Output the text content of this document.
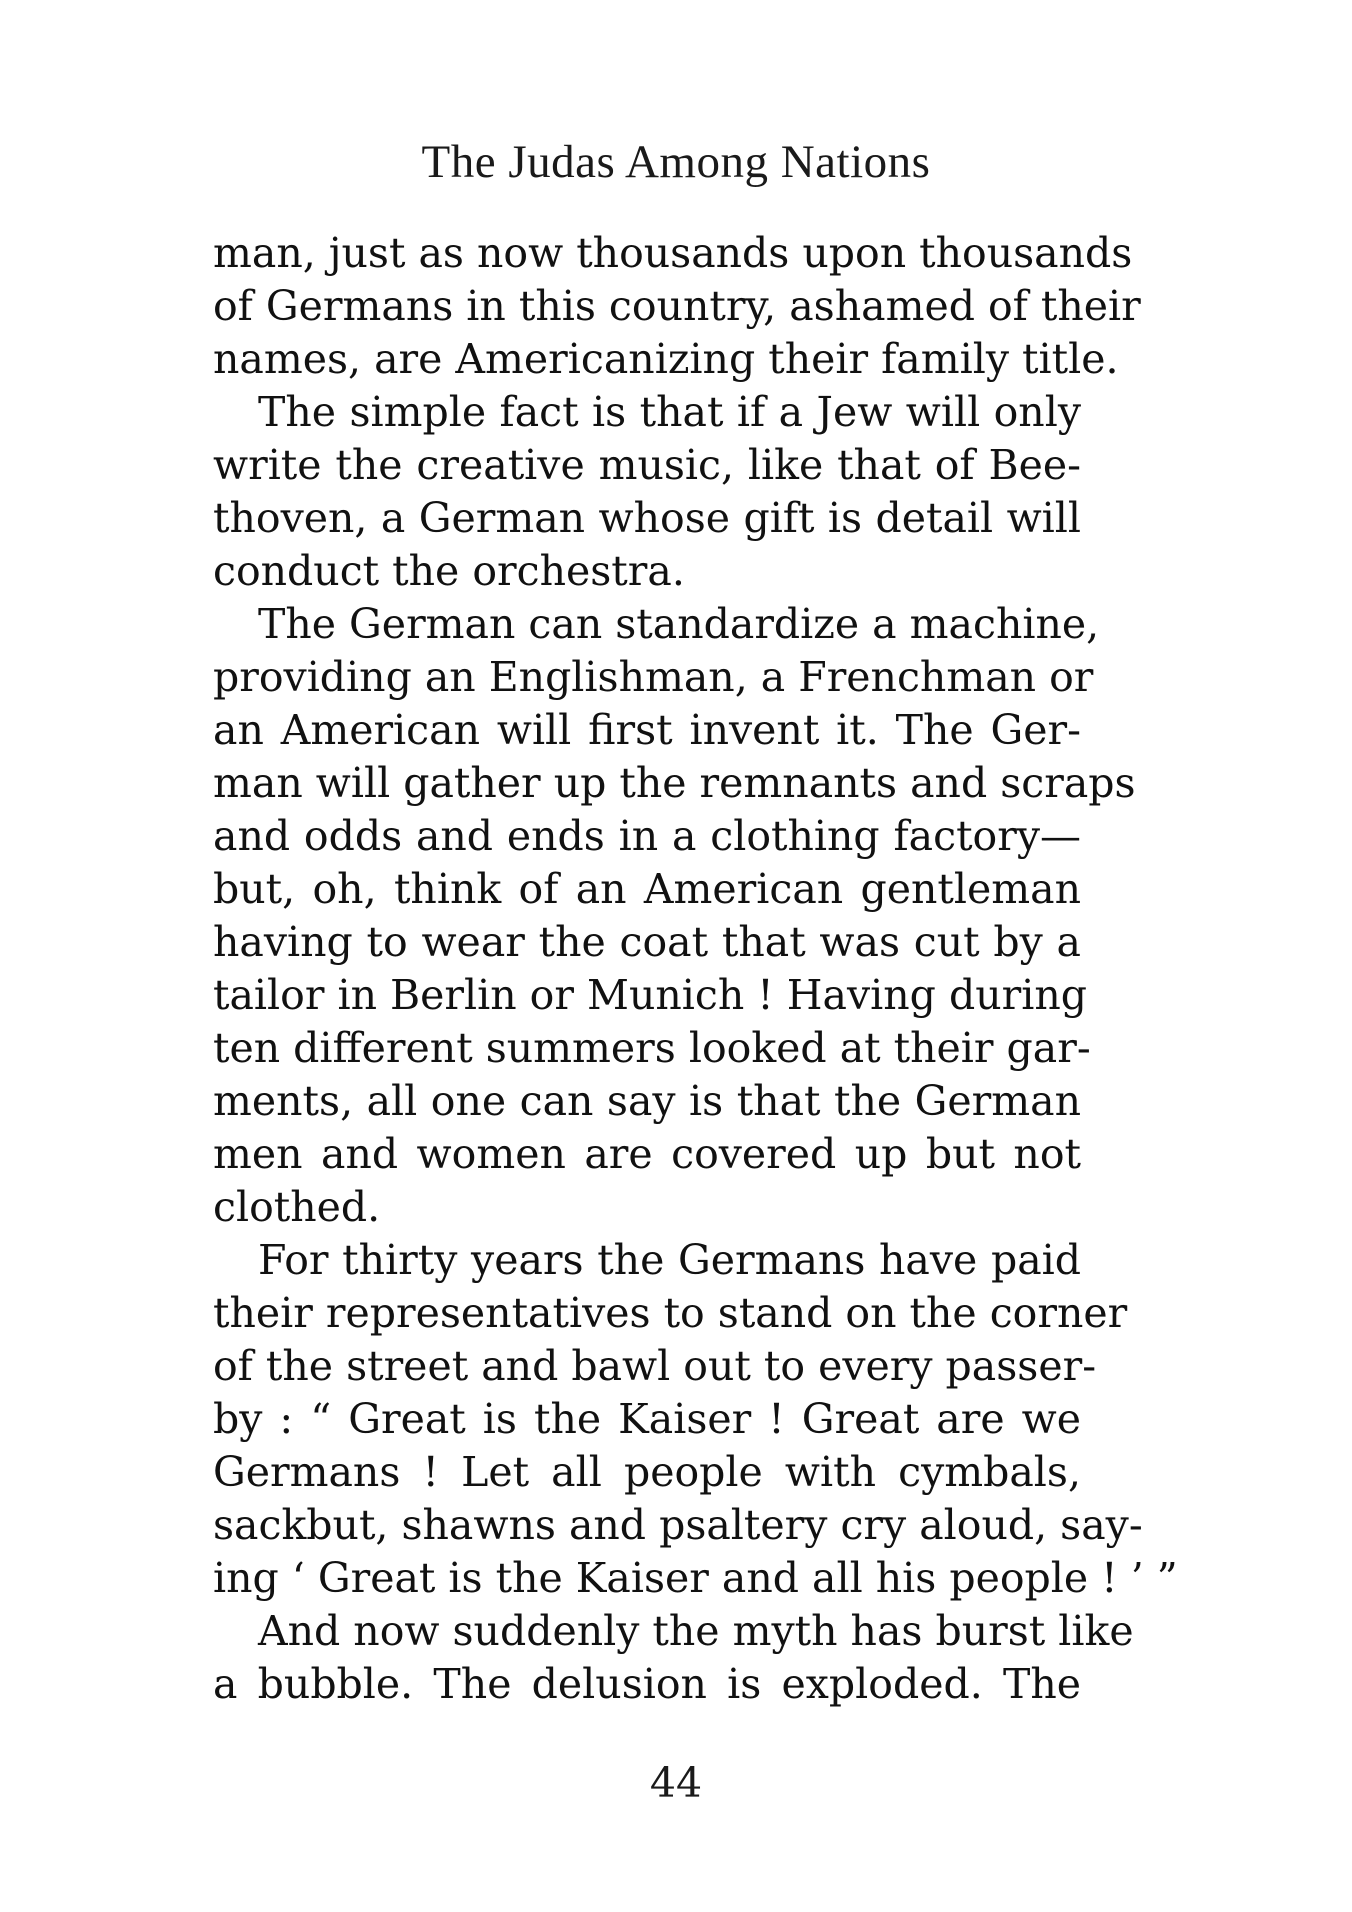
The Judas Among Nations
man, just as now thousands upon thousands
of Germans in this country, ashamed of their
names, are Americanizing their family title.
The simple fact is that if a Jew will only
write the creative music, like that of Bee-
thoven, a German whose gift is detail will
conduct the orchestra.
The German can standardize a machine,
providing an Englishman, a Frenchman or
an American will first invent it. The Ger-
man will gather up the remnants and scraps
and odds and ends in a clothing factory—
but, oh, think of an American gentleman
having to wear the coat that was cut by a
tailor in Berlin or Munich ! Having during
ten different summers looked at their gar-
ments, all one can say is that the German
men and women are covered up but not
clothed.
For thirty years the Germans have paid
their representatives to stand on the corner
of the street and bawl out to every passer-
by : “ Great is the Kaiser ! Great are we
Germans ! Let all people with cymbals,
sackbut, shawns and psaltery cry aloud, say-
ing ‘ Great is the Kaiser and all his people ! ’ ”
And now suddenly the myth has burst like
a bubble. The delusion is exploded. The
44
